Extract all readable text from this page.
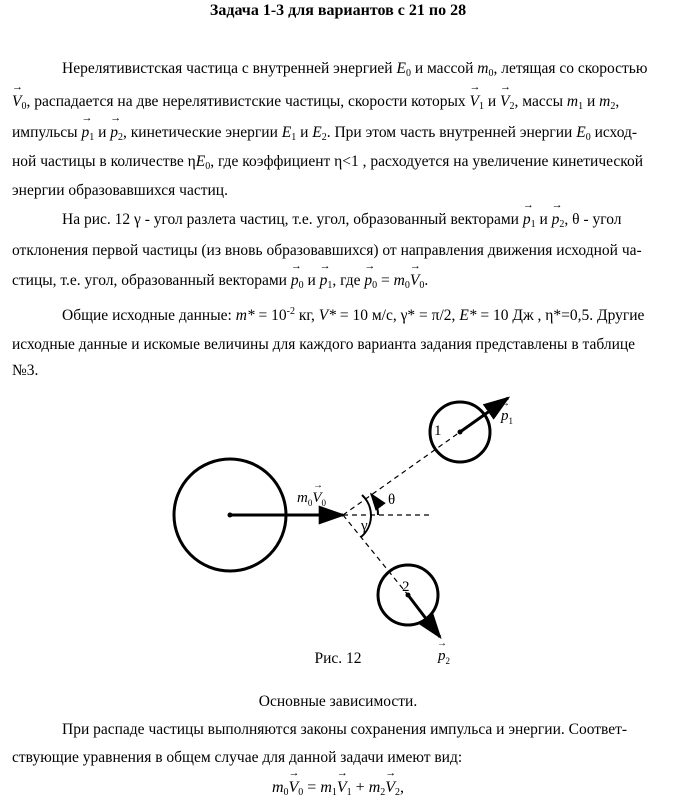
Задача 1-3 для вариантов с 21 по 28
Нерелятивистская частица с внутренней энергией $E_0$ и массой $m_0$, летящая со скоростью
→ $V_0$, распадается на две нерелятивистские частицы, скорости которых → $V_1$ $и \to V_2$, массы $m_1$ и $m_2$,
импульсы → $p_1$ $и \to p_2$, кинетические энергии $E_1$ и $E_2$. При этом часть внутренней энергии $E_0$ исход-
ной частицы в количестве $\eta E_0$, где коэффициент η<1 , расходуется на увеличение кинетической
энергии образовавшихся частиц.
На рис. 12 γ - угол разлета частиц, т.е. угол, образованный векторами → $p_1$ $и \to p_2$, θ - угол
отклонения первой частицы (из вновь образовавшихся) от направления движения исходной ча-
стицы, т.е. угол, образованный векторами → $p_0$ $и \to p_1$, где → $p_0 = m_0\to V_0$.
Общие исходные данные: $m* = 10^{-2}$ кг, V* = 10 м/с, γ* = π/2, E* = 10 Дж , η*=0,5. Другие
исходные данные и искомые величины для каждого варианта задания представлены в таблице
№3.
1
2
θ
γ
$p_1$
→
$p_2$
→
$m_0V_0$
→
Рис. 12
Основные зависимости.
При распаде частицы выполняются законы сохранения импульса и энергии. Соответ-
ствующие уравнения в общем случае для данной задачи имеют вид:
$m_0\to V_0 = m_1\to V_1 + m_2\to V_2$,
